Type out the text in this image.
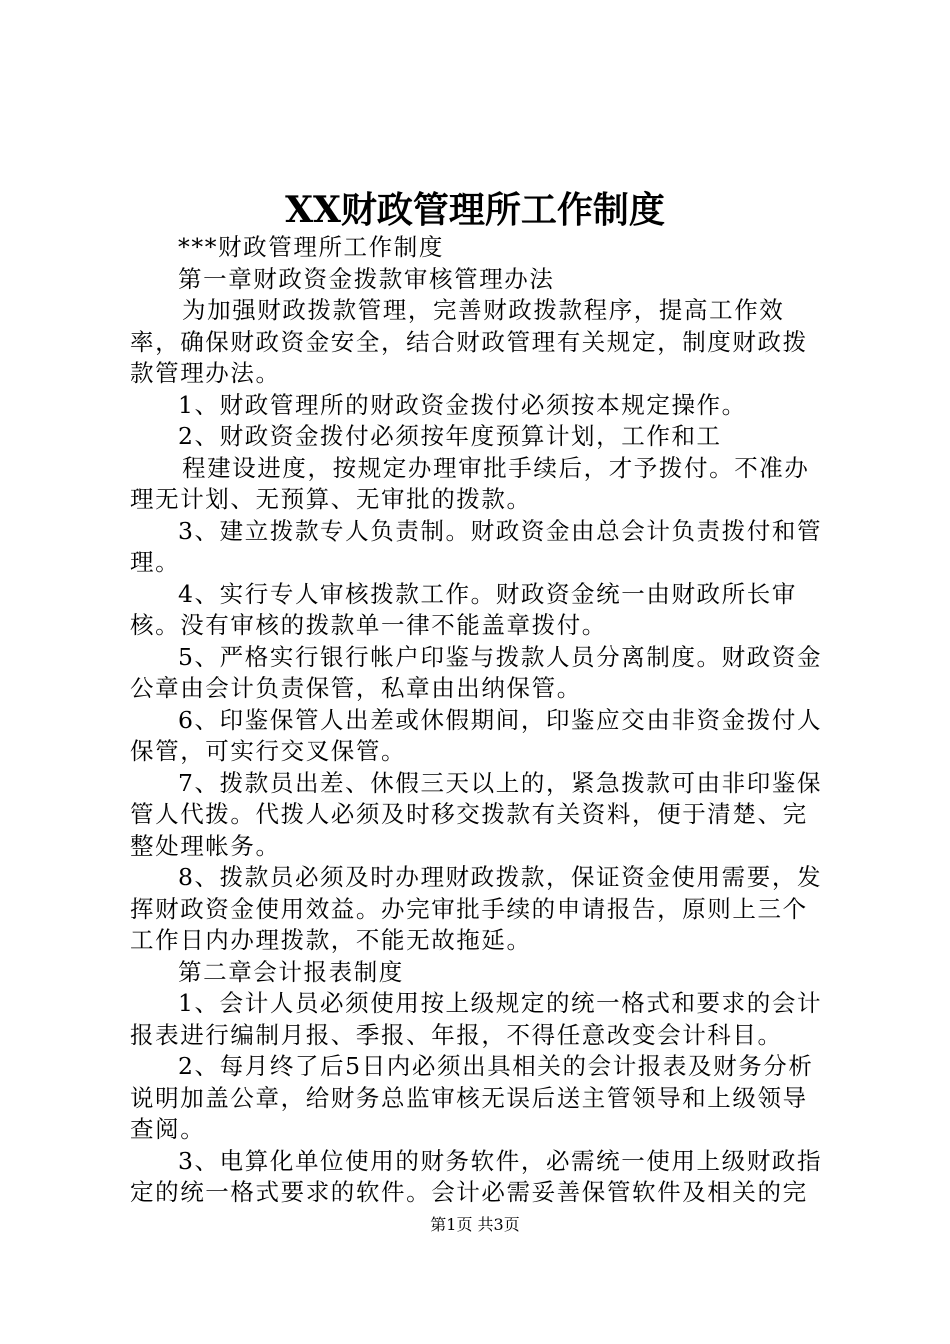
XX财政管理所工作制度

***财政管理所工作制度

第一章财政资金拨款审核管理办法

为加强财政拨款管理，完善财政拨款程序，提高工作效率，确保财政资金安全，结合财政管理有关规定，制度财政拨款管理办法。

1、财政管理所的财政资金拨付必须按本规定操作。

2、财政资金拨付必须按年度预算计划，工作和工

程建设进度，按规定办理审批手续后，才予拨付。不准办理无计划、无预算、无审批的拨款。

3、建立拨款专人负责制。财政资金由总会计负责拨付和管理。

4、实行专人审核拨款工作。财政资金统一由财政所长审核。没有审核的拨款单一律不能盖章拨付。

5、严格实行银行帐户印鉴与拨款人员分离制度。财政资金公章由会计负责保管，私章由出纳保管。

6、印鉴保管人出差或休假期间，印鉴应交由非资金拨付人保管，可实行交叉保管。

7、拨款员出差、休假三天以上的，紧急拨款可由非印鉴保管人代拨。代拨人必须及时移交拨款有关资料，便于清楚、完整处理帐务。

8、拨款员必须及时办理财政拨款，保证资金使用需要，发挥财政资金使用效益。办完审批手续的申请报告，原则上三个工作日内办理拨款，不能无故拖延。

第二章会计报表制度

1、会计人员必须使用按上级规定的统一格式和要求的会计报表进行编制月报、季报、年报，不得任意改变会计科目。

2、每月终了后5日内必须出具相关的会计报表及财务分析说明加盖公章，给财务总监审核无误后送主管领导和上级领导查阅。

3、电算化单位使用的财务软件，必需统一使用上级财政指定的统一格式要求的软件。会计必需妥善保管软件及相关的完

第1页 共3页
